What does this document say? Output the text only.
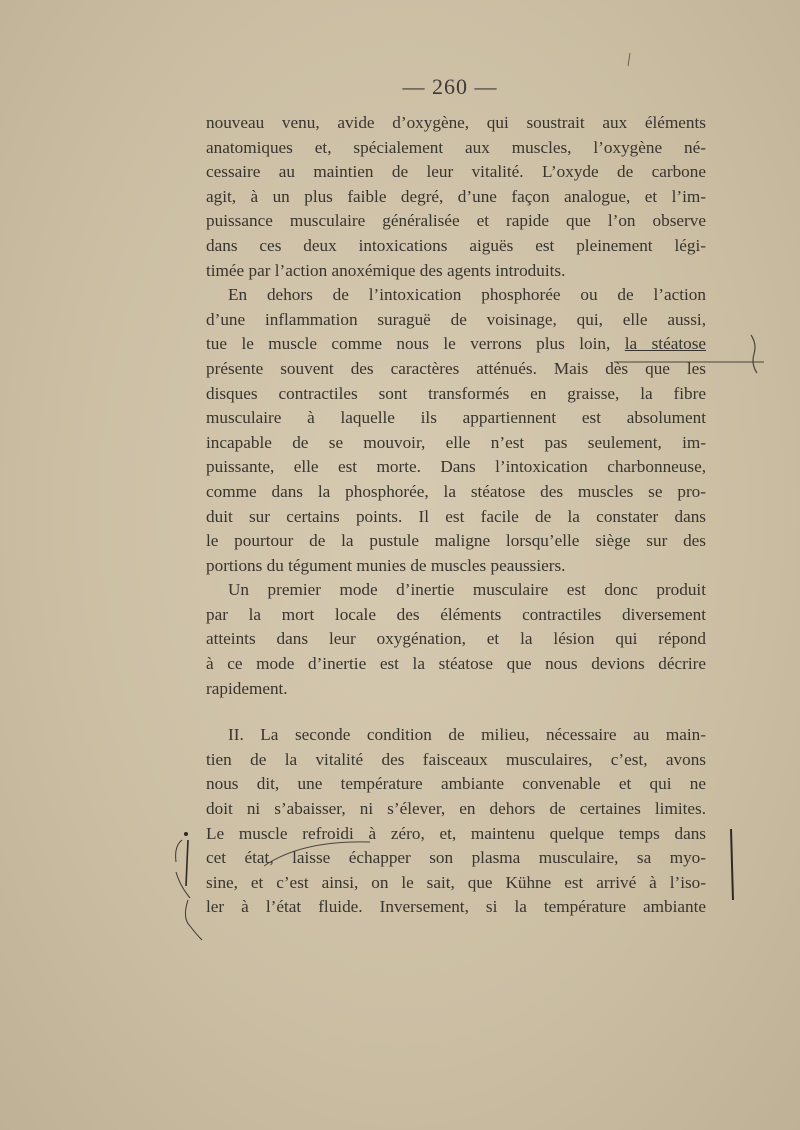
— 260 —
nouveau venu, avide d’oxygène, qui soustrait aux éléments
anatomiques et, spécialement aux muscles, l’oxygène né-
cessaire au maintien de leur vitalité. L’oxyde de carbone
agit, à un plus faible degré, d’une façon analogue, et l’im-
puissance musculaire généralisée et rapide que l’on observe
dans ces deux intoxications aiguës est pleinement légi-
timée par l’action anoxémique des agents introduits.
En dehors de l’intoxication phosphorée ou de l’action
d’une inflammation suraguë de voisinage, qui, elle aussi,
tue le muscle comme nous le verrons plus loin, la stéatose
présente souvent des caractères atténués. Mais dès que les
disques contractiles sont transformés en graisse, la fibre
musculaire à laquelle ils appartiennent est absolument
incapable de se mouvoir, elle n’est pas seulement, im-
puissante, elle est morte. Dans l’intoxication charbonneuse,
comme dans la phosphorée, la stéatose des muscles se pro-
duit sur certains points. Il est facile de la constater dans
le pourtour de la pustule maligne lorsqu’elle siège sur des
portions du tégument munies de muscles peaussiers.
Un premier mode d’inertie musculaire est donc produit
par la mort locale des éléments contractiles diversement
atteints dans leur oxygénation, et la lésion qui répond
à ce mode d’inertie est la stéatose que nous devions décrire
rapidement.
II. La seconde condition de milieu, nécessaire au main-
tien de la vitalité des faisceaux musculaires, c’est, avons
nous dit, une température ambiante convenable et qui ne
doit ni s’abaisser, ni s’élever, en dehors de certaines limites.
Le muscle refroidi à zéro, et, maintenu quelque temps dans
cet état, laisse échapper son plasma musculaire, sa myo-
sine, et c’est ainsi, on le sait, que Kühne est arrivé à l’iso-
ler à l’état fluide. Inversement, si la température ambiante
